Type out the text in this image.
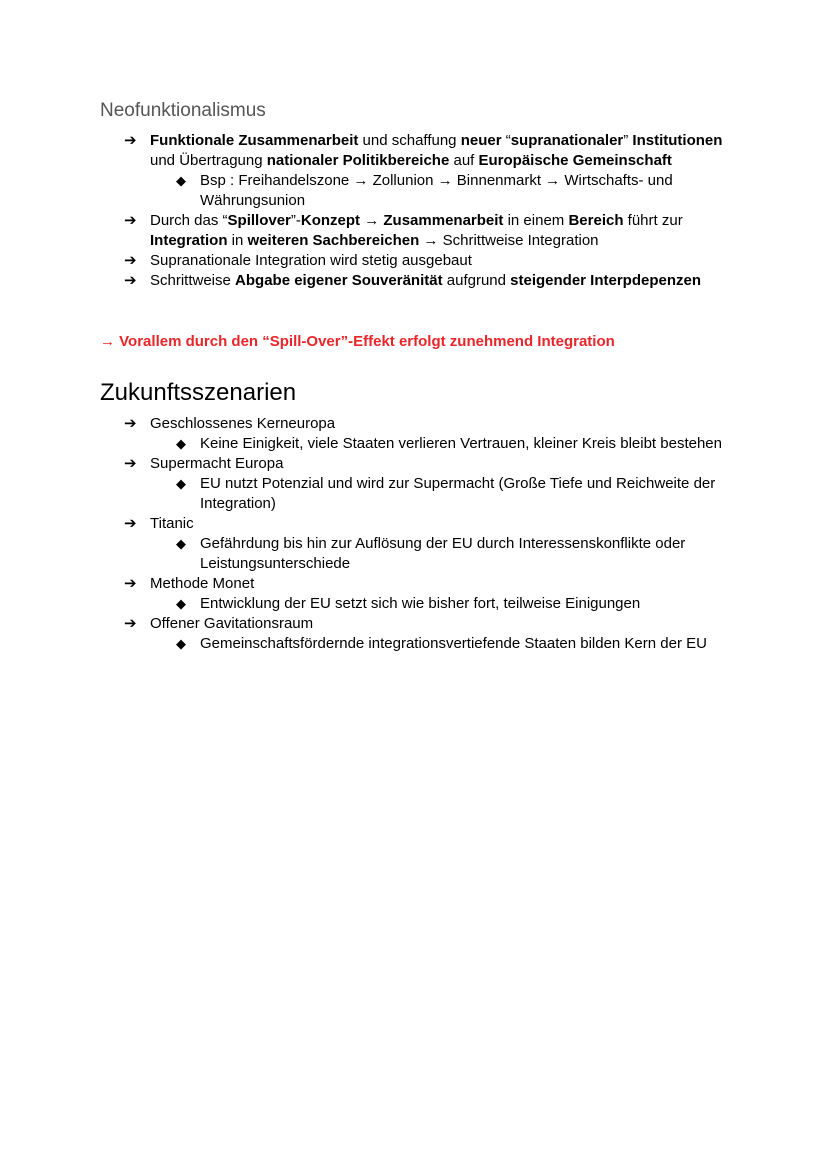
Neofunktionalismus
➔ Funktionale Zusammenarbeit und schaffung neuer “supranationaler” Institutionen und Übertragung nationaler Politikbereiche auf Europäische Gemeinschaft
◆ Bsp : Freihandelszone → Zollunion → Binnenmarkt → Wirtschafts- und Währungsunion
➔ Durch das “Spillover”-Konzept → Zusammenarbeit in einem Bereich führt zur Integration in weiteren Sachbereichen → Schrittweise Integration
➔ Supranationale Integration wird stetig ausgebaut
➔ Schrittweise Abgabe eigener Souveränität aufgrund steigender Interpdepenzen
→ Vorallem durch den “Spill-Over”-Effekt erfolgt zunehmend Integration
Zukunftsszenarien
➔ Geschlossenes Kerneuropa
◆ Keine Einigkeit, viele Staaten verlieren Vertrauen, kleiner Kreis bleibt bestehen
➔ Supermacht Europa
◆ EU nutzt Potenzial und wird zur Supermacht (Große Tiefe und Reichweite der Integration)
➔ Titanic
◆ Gefährdung bis hin zur Auflösung der EU durch Interessenskonflikte oder Leistungsunterschiede
➔ Methode Monet
◆ Entwicklung der EU setzt sich wie bisher fort, teilweise Einigungen
➔ Offener Gavitationsraum
◆ Gemeinschaftsfördernde integrationsvertiefende Staaten bilden Kern der EU
